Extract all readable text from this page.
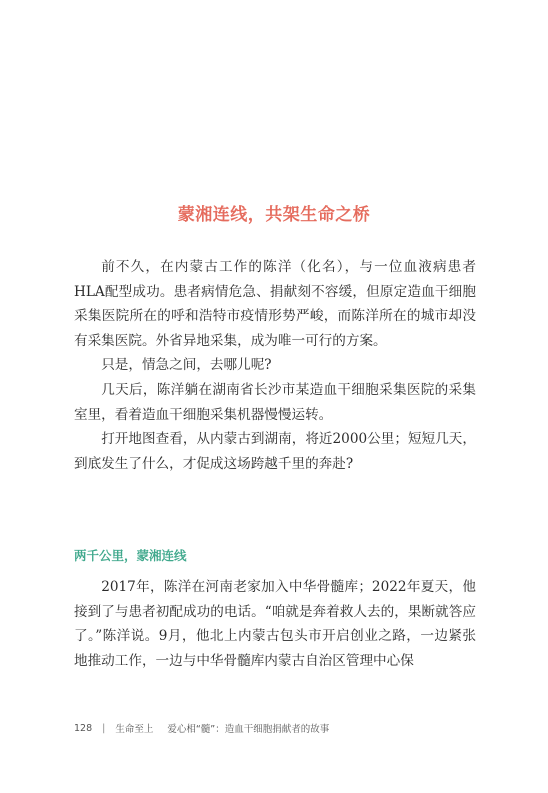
蒙湘连线，共架生命之桥

前不久，在内蒙古工作的陈洋（化名），与一位血液病患者HLA配型成功。患者病情危急、捐献刻不容缓，但原定造血干细胞采集医院所在的呼和浩特市疫情形势严峻，而陈洋所在的城市却没有采集医院。外省异地采集，成为唯一可行的方案。

只是，情急之间，去哪儿呢?

几天后，陈洋躺在湖南省长沙市某造血干细胞采集医院的采集室里，看着造血干细胞采集机器慢慢运转。

打开地图查看，从内蒙古到湖南，将近2000公里；短短几天，到底发生了什么，才促成这场跨越千里的奔赴?

两千公里，蒙湘连线

2017年，陈洋在河南老家加入中华骨髓库；2022年夏天，他接到了与患者初配成功的电话。“咱就是奔着救人去的，果断就答应了。”陈洋说。9月，他北上内蒙古包头市开启创业之路，一边紧张地推动工作，一边与中华骨髓库内蒙古自治区管理中心保

128 | 生命至上 爱心相“髓”：造血干细胞捐献者的故事
